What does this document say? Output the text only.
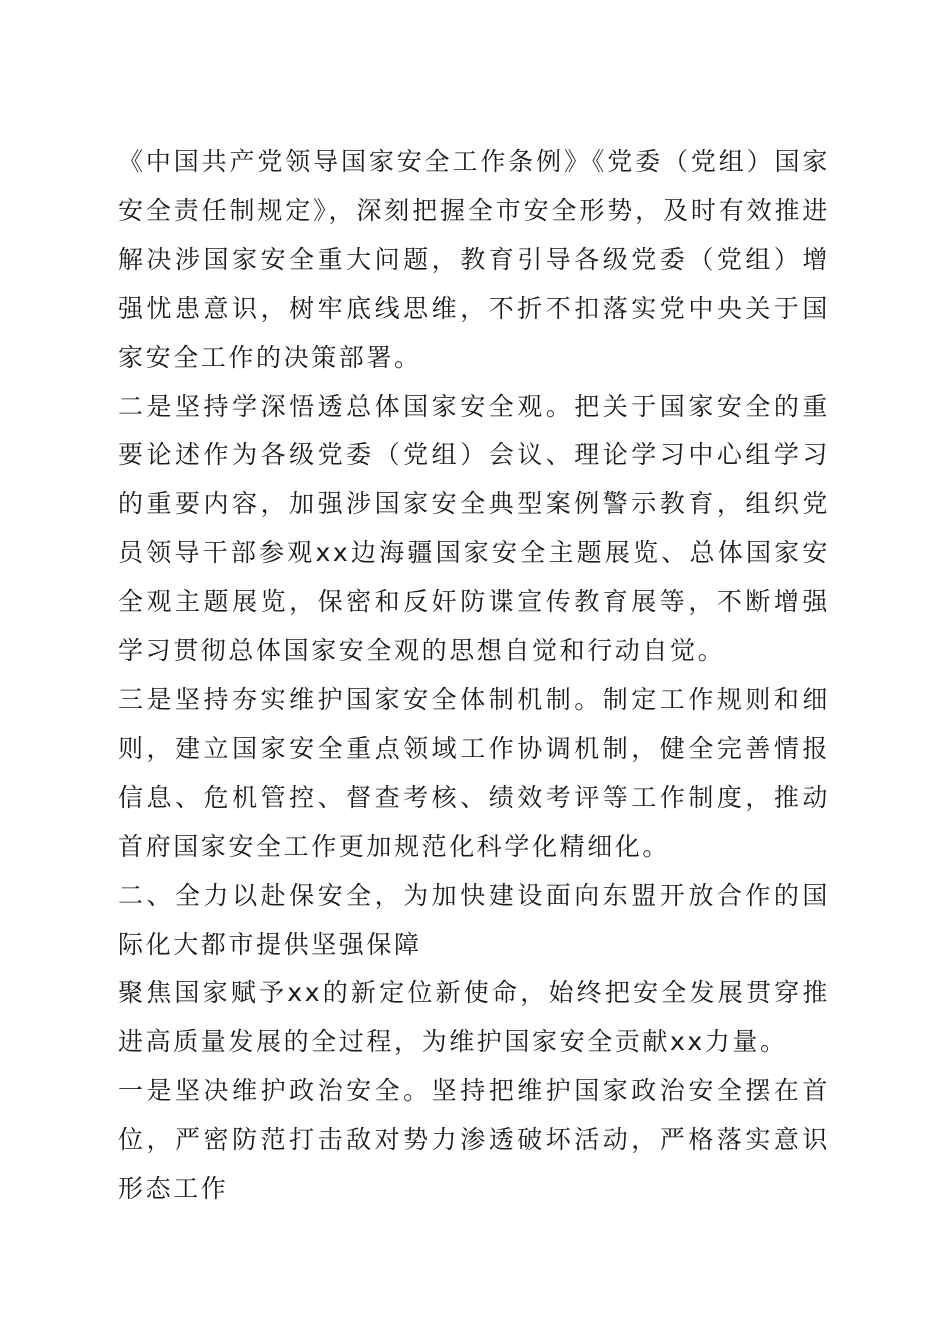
《中国共产党领导国家安全工作条例》《党委（党组）国家安全责任制规定》，深刻把握全市安全形势，及时有效推进解决涉国家安全重大问题，教育引导各级党委（党组）增强忧患意识，树牢底线思维，不折不扣落实党中央关于国家安全工作的决策部署。

二是坚持学深悟透总体国家安全观。把关于国家安全的重要论述作为各级党委（党组）会议、理论学习中心组学习的重要内容，加强涉国家安全典型案例警示教育，组织党员领导干部参观xx边海疆国家安全主题展览、总体国家安全观主题展览，保密和反奸防谍宣传教育展等，不断增强学习贯彻总体国家安全观的思想自觉和行动自觉。

三是坚持夯实维护国家安全体制机制。制定工作规则和细则，建立国家安全重点领域工作协调机制，健全完善情报信息、危机管控、督查考核、绩效考评等工作制度，推动首府国家安全工作更加规范化科学化精细化。

二、全力以赴保安全，为加快建设面向东盟开放合作的国际化大都市提供坚强保障

聚焦国家赋予xx的新定位新使命，始终把安全发展贯穿推进高质量发展的全过程，为维护国家安全贡献xx力量。

一是坚决维护政治安全。坚持把维护国家政治安全摆在首位，严密防范打击敌对势力渗透破坏活动，严格落实意识形态工作
